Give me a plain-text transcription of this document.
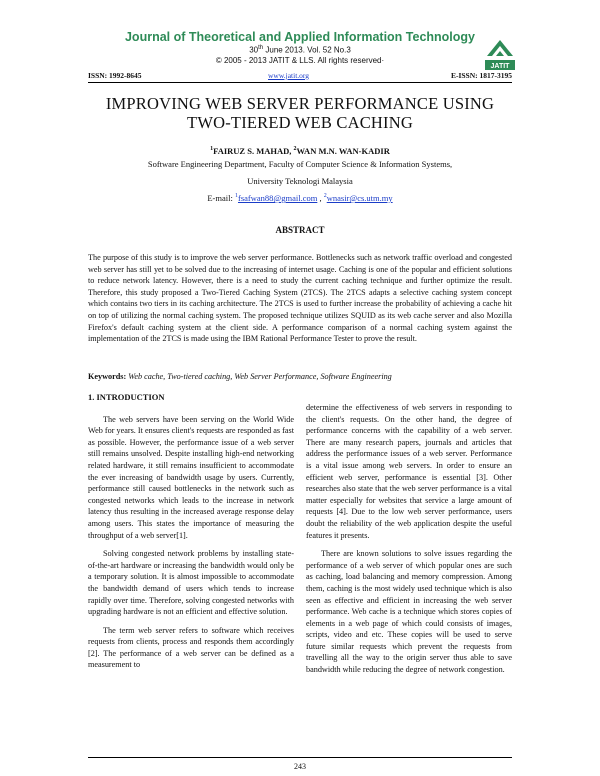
Journal of Theoretical and Applied Information Technology
30th June 2013. Vol. 52 No.3
© 2005 - 2013 JATIT & LLS. All rights reserved·
JATIT
ISSN: 1992-8645	www.jatit.org	E-ISSN: 1817-3195
IMPROVING WEB SERVER PERFORMANCE USING
TWO-TIERED WEB CACHING
$^1$FAIRUZ S. MAHAD, $^2$WAN M.N. WAN-KADIR
Software Engineering Department, Faculty of Computer Science & Information Systems,
University Teknologi Malaysia
E-mail: $^1$fsafwan88@gmail.com , $^2$wnasir@cs.utm.my
ABSTRACT
The purpose of this study is to improve the web server performance. Bottlenecks such as network traffic overload and congested web server has still yet to be solved due to the increasing of internet usage. Caching is one of the popular and efficient solutions to reduce network latency. However, there is a need to study the current caching technique and further optimize the result. Therefore, this study proposed a Two-Tiered Caching System (2TCS). The 2TCS adapts a selective caching system concept which contains two tiers in its caching architecture. The 2TCS is used to further increase the probability of achieving a cache hit on top of utilizing the normal caching system. The proposed technique utilizes SQUID as its web cache server and also Mozilla Firefox's default caching system at the client side. A performance comparison of a normal caching system against the implementation of the 2TCS is made using the IBM Rational Performance Tester to prove the result.
Keywords: Web cache, Two-tiered caching, Web Server Performance, Software Engineering

1. INTRODUCTION

The web servers have been serving on the World Wide Web for years. It ensures client's requests are responded as fast as possible. However, the performance issue of a web server still remains unsolved. Despite installing high-end networking related hardware, it still remains insufficient to accommodate the ever increasing of bandwidth usage by users. Currently, performance still caused bottlenecks in the network such as congested networks which leads to the increase in network latency thus resulting in the increased average response delay among users. This states the importance of measuring the throughput of a web server[1].

Solving congested network problems by installing state-of-the-art hardware or increasing the bandwidth would only be a temporary solution. It is almost impossible to accommodate the bandwidth demand of users which tends to increase rapidly over time. Therefore, solving congested networks with upgrading hardware is not an efficient and effective solution.

The term web server refers to software which receives requests from clients, process and responds them accordingly [2]. The performance of a web server can be defined as a measurement to

determine the effectiveness of web servers in responding to the client's requests. On the other hand, the degree of performance concerns with the capability of a web server. There are many research papers, journals and articles that address the performance issues of a web server. Performance is a vital issue among web servers. In order to ensure an efficient web server, performance is essential [3]. Other researches also state that the web server performance is a vital matter especially for websites that service a large amount of requests [4]. Due to the low web server performance, users doubt the reliability of the web application despite the useful features it presents.

There are known solutions to solve issues regarding the performance of a web server of which popular ones are such as caching, load balancing and memory compression. Among them, caching is the most widely used technique which is also seen as effective and efficient in increasing the web server performance. Web cache is a technique which stores copies of elements in a web page of which could consists of images, scripts, video and etc. These copies will be used to serve future similar requests which prevent the requests from travelling all the way to the origin server thus able to save bandwidth while reducing the degree of network congestion.

243
